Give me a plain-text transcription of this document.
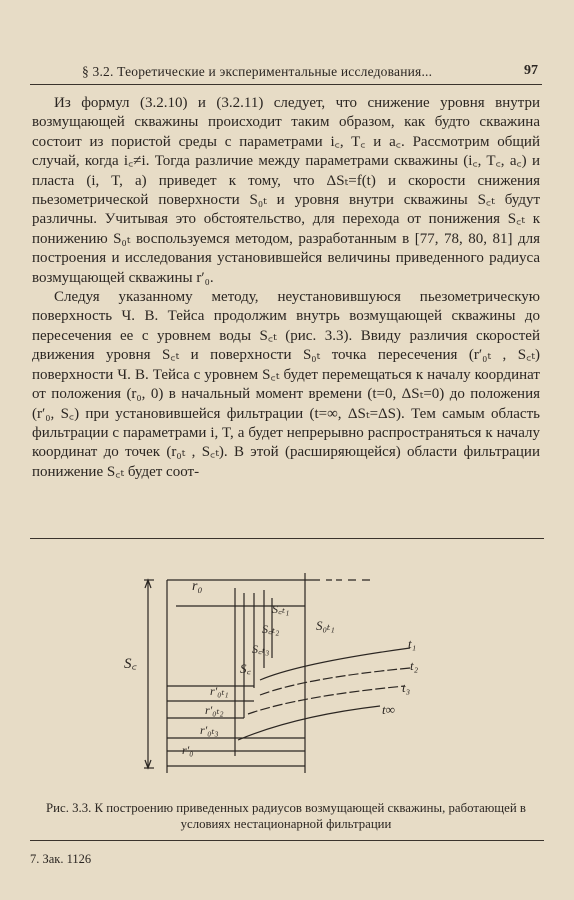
§ 3.2. Теоретические и экспериментальные исследования...	97

Из формул (3.2.10) и (3.2.11) следует, что снижение уровня внутри возмущающей скважины происходит таким образом, как будто скважина состоит из пористой среды с параметрами i꜀, T꜀ и a꜀. Рассмотрим общий случай, когда i꜀≠i. Тогда различие между параметрами скважины (i꜀, T꜀, a꜀) и пласта (i, T, a) приведет к тому, что ΔSₜ=f(t) и скорости снижения пьезометрической поверхности S₀ₜ и уровня внутри скважины S꜀ₜ будут различны. Учитывая это обстоятельство, для перехода от понижения S꜀ₜ к понижению S₀ₜ воспользуемся методом, разработанным в [77, 78, 80, 81] для построения и исследования установившейся величины приведенного радиуса возмущающей скважины r′₀.

Следуя указанному методу, неустановившуюся пьезометрическую поверхность Ч. В. Тейса продолжим внутрь возмущающей скважины до пересечения ее с уровнем воды S꜀ₜ (рис. 3.3). Ввиду различия скоростей движения уровня S꜀ₜ и поверхности S₀ₜ точка пересечения (r′₀ₜ , S꜀ₜ) поверхности Ч. В. Тейса с уровнем S꜀ₜ будет перемещаться к началу координат от положения (r₀, 0) в начальный момент времени (t=0, ΔSₜ=0) до положения (r′₀, S꜀) при установившейся фильтрации (t=∞, ΔSₜ=ΔS). Тем самым область фильтрации с параметрами i, T, a будет непрерывно распространяться к началу координат до точек (r₀ₜ , S꜀ₜ). В этой (расширяющейся) области фильтрации понижение S꜀ₜ будет соот-

r₀
S꜀
S꜀ₜ₁
S꜀ₜ₂
S꜀ₜ₃
S꜀
S₀ₜ₁
r′₀ₜ₁
r′₀ₜ₂
r′₀ₜ₃
r′₀
t₁
t₂
t₃
t∞
Рис. 3.3. К построению приведенных радиусов возмущающей скважины, работающей в условиях нестационарной фильтрации
7. Зак. 1126
